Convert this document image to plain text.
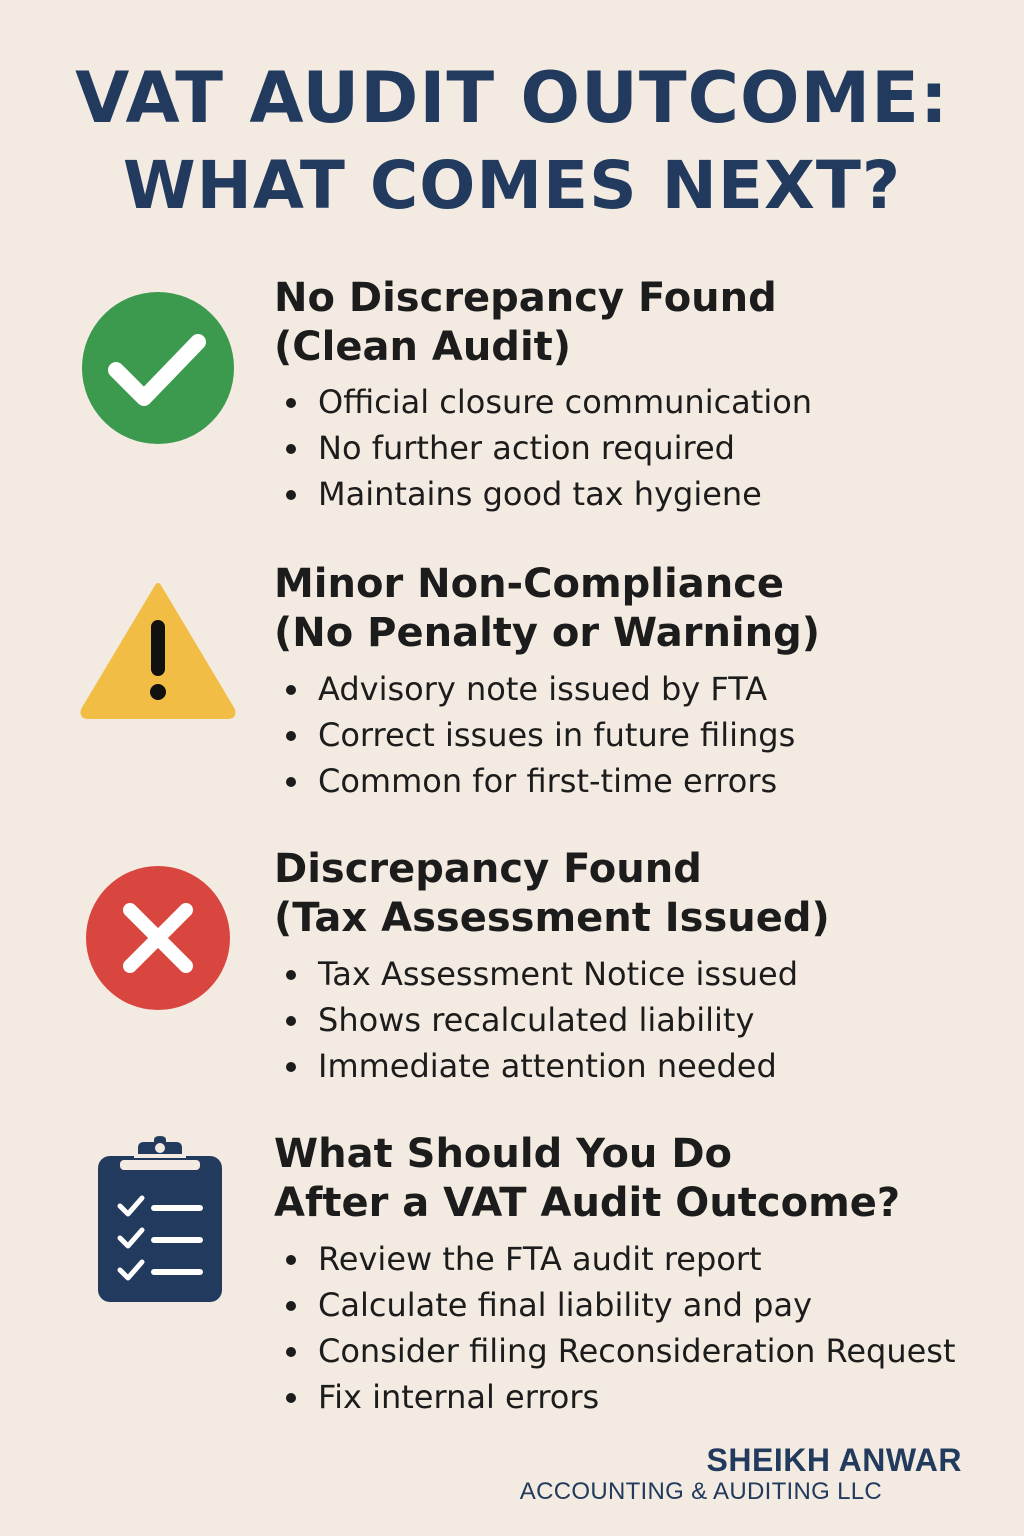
VAT AUDIT OUTCOME:
WHAT COMES NEXT?
No Discrepancy Found
(Clean Audit)
Official closure communication
No further action required
Maintains good tax hygiene
Minor Non-Compliance
(No Penalty or Warning)
Advisory note issued by FTA
Correct issues in future filings
Common for first-time errors
Discrepancy Found
(Tax Assessment Issued)
Tax Assessment Notice issued
Shows recalculated liability
Immediate attention needed
What Should You Do
After a VAT Audit Outcome?
Review the FTA audit report
Calculate final liability and pay
Consider filing Reconsideration Request
Fix internal errors
SHEIKH ANWAR
ACCOUNTING & AUDITING LLC
